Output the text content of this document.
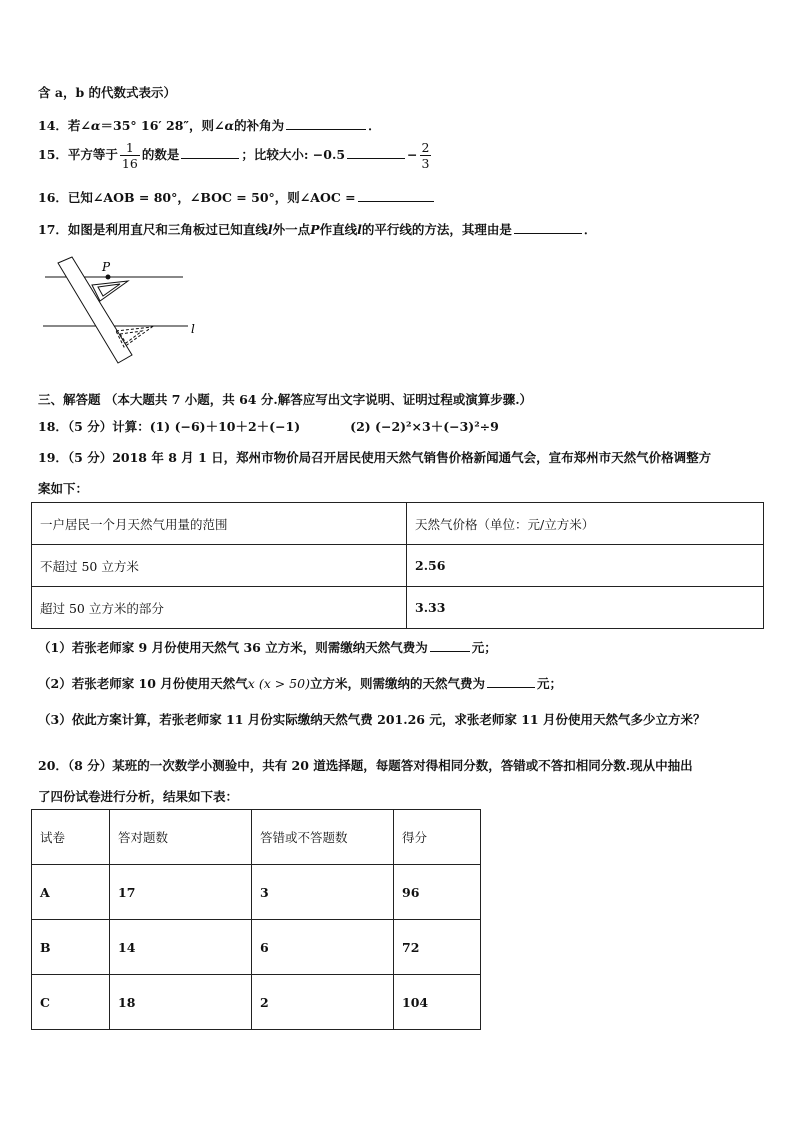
含 a，b 的代数式表示）
14．若∠α＝35° 16′ 28″，则∠α的补角为	．
15．平方等于 $\frac{1}{16}$ 的数是	；比较大小: −0.5	− $\frac{2}{3}$
16．已知∠AOB = 80°，∠BOC = 50°，则∠AOC =
17．如图是利用直尺和三角板过已知直线l外一点P作直线l的平行线的方法，其理由是	．
P
l
三、解答题 （本大题共 7 小题，共 64 分.解答应写出文字说明、证明过程或演算步骤.）
18．（5 分）计算：(1) (−6)＋10＋2＋(−1)	(2) (−2)²×3＋(−3)²÷9
19．（5 分）2018 年 8 月 1 日，郑州市物价局召开居民使用天然气销售价格新闻通气会，宣布郑州市天然气价格调整方
案如下：
一户居民一个月天然气用量的范围	天然气价格（单位：元/立方米）
不超过 50 立方米	2.56
超过 50 立方米的部分	3.33
（1）若张老师家 9 月份使用天然气 36 立方米，则需缴纳天然气费为	元；
（2）若张老师家 10 月份使用天然气x (x > 50)立方米，则需缴纳的天然气费为	元；
（3）依此方案计算，若张老师家 11 月份实际缴纳天然气费 201.26 元，求张老师家 11 月份使用天然气多少立方米？
20．（8 分）某班的一次数学小测验中，共有 20 道选择题，每题答对得相同分数，答错或不答扣相同分数.现从中抽出
了四份试卷进行分析，结果如下表：
试卷	答对题数	答错或不答题数	得分
A	17	3	96
B	14	6	72
C	18	2	104
